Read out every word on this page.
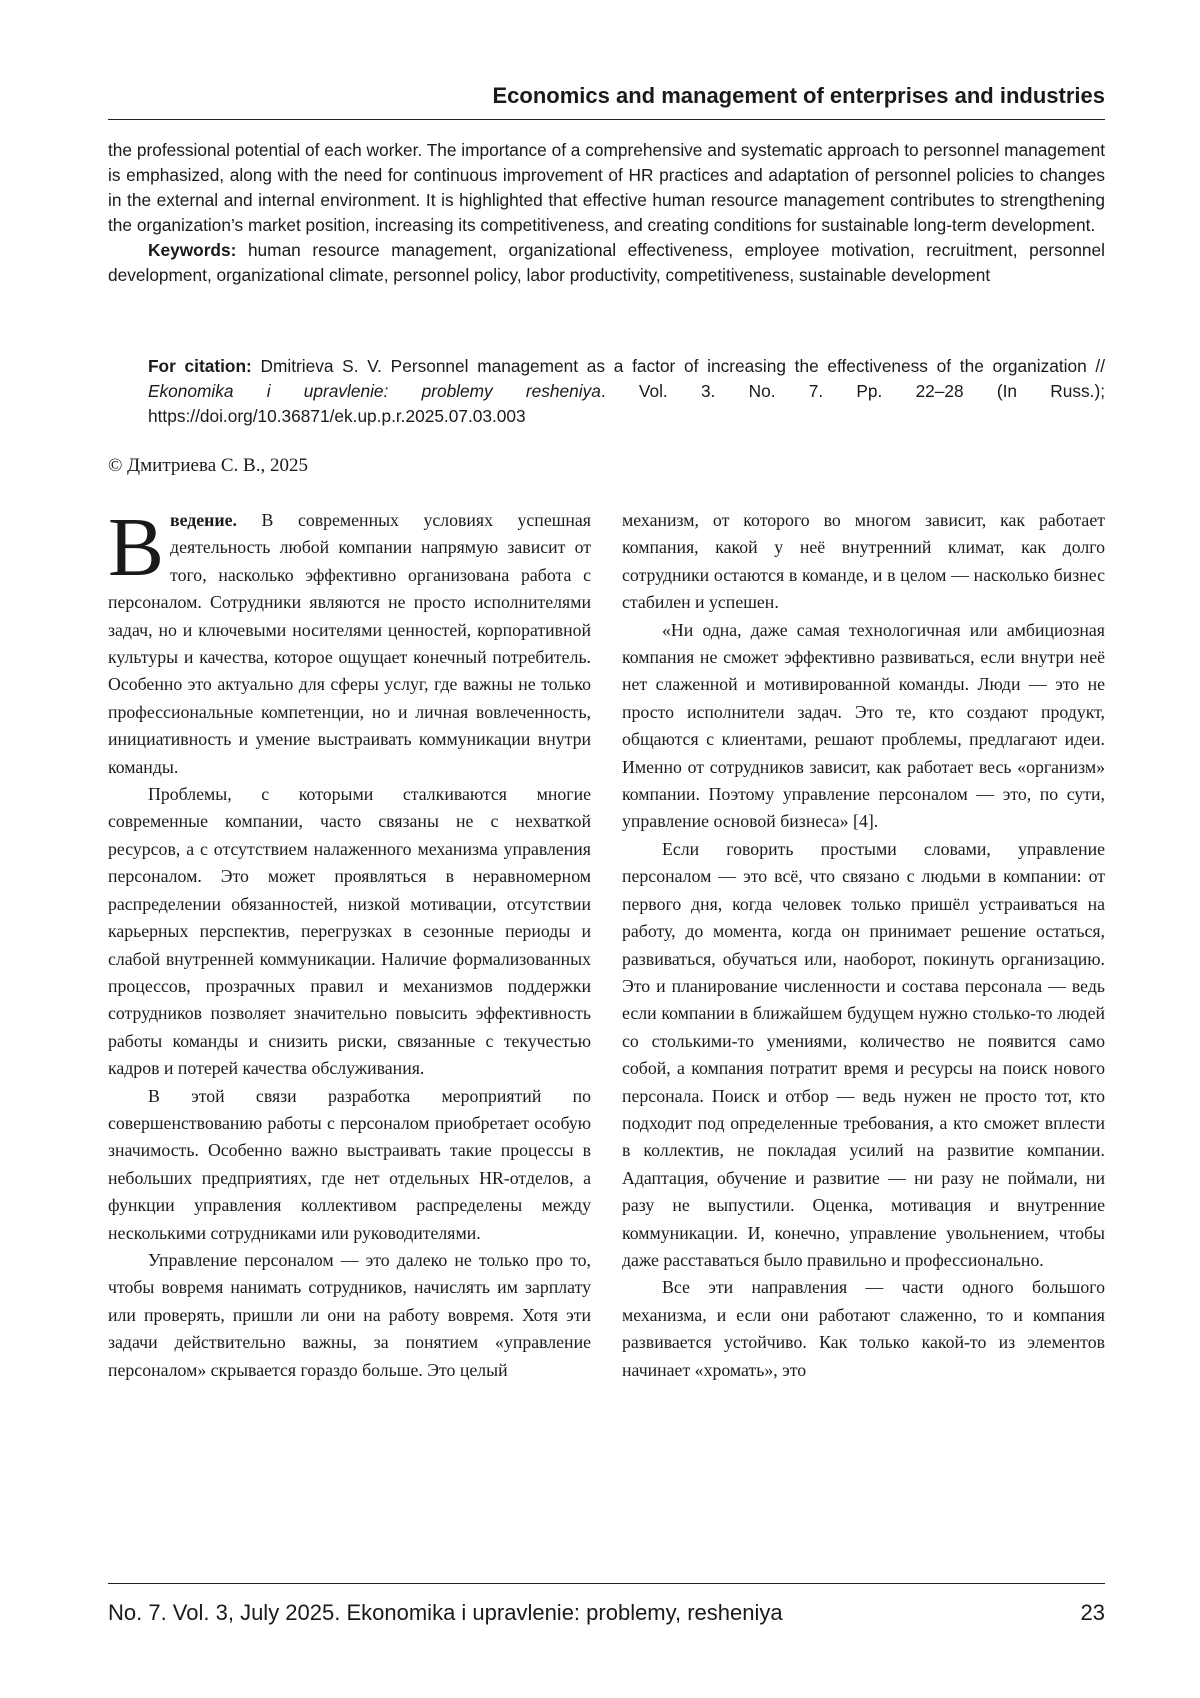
Economics and management of enterprises and industries

the professional potential of each worker. The importance of a comprehensive and systematic approach to personnel management is emphasized, along with the need for continuous improvement of HR practices and adaptation of personnel policies to changes in the external and internal environment. It is highlighted that effective human resource management contributes to strengthening the organization’s market position, increasing its competitiveness, and creating conditions for sustainable long-term development.

Keywords: human resource management, organizational effectiveness, employee motivation, recruitment, personnel development, organizational climate, personnel policy, labor productivity, competitiveness, sustainable development

For citation: Dmitrieva S. V. Personnel management as a factor of increasing the effectiveness of the organization // Ekonomika i upravlenie: problemy resheniya. Vol. 3. No. 7. Pp. 22–28 (In Russ.); https://doi.org/10.36871/ek.up.p.r.2025.07.03.003
© Дмитриева С. В., 2025

Введение. В современных условиях успешная деятельность любой компании напрямую зависит от того, насколько эффективно организована работа с персоналом. Сотрудники являются не просто исполнителями задач, но и ключевыми носителями ценностей, корпоративной культуры и качества, которое ощущает конечный потребитель. Особенно это актуально для сферы услуг, где важны не только профессиональные компетенции, но и личная вовлеченность, инициативность и умение выстраивать коммуникации внутри команды.

Проблемы, с которыми сталкиваются многие современные компании, часто связаны не с нехваткой ресурсов, а с отсутствием налаженного механизма управления персоналом. Это может проявляться в неравномерном распределении обязанностей, низкой мотивации, отсутствии карьерных перспектив, перегрузках в сезонные периоды и слабой внутренней коммуникации. Наличие формализованных процессов, прозрачных правил и механизмов поддержки сотрудников позволяет значительно повысить эффективность работы команды и снизить риски, связанные с текучестью кадров и потерей качества обслуживания.

В этой связи разработка мероприятий по совершенствованию работы с персоналом приобретает особую значимость. Особенно важно выстраивать такие процессы в небольших предприятиях, где нет отдельных HR-отделов, а функции управления коллективом распределены между несколькими сотрудниками или руководителями.

Управление персоналом — это далеко не только про то, чтобы вовремя нанимать сотрудников, начислять им зарплату или проверять, пришли ли они на работу вовремя. Хотя эти задачи действительно важны, за понятием «управление персоналом» скрывается гораздо больше. Это целый

механизм, от которого во многом зависит, как работает компания, какой у неё внутренний климат, как долго сотрудники остаются в команде, и в целом — насколько бизнес стабилен и успешен.

«Ни одна, даже самая технологичная или амбициозная компания не сможет эффективно развиваться, если внутри неё нет слаженной и мотивированной команды. Люди — это не просто исполнители задач. Это те, кто создают продукт, общаются с клиентами, решают проблемы, предлагают идеи. Именно от сотрудников зависит, как работает весь «организм» компании. Поэтому управление персоналом — это, по сути, управление основой бизнеса» [4].

Если говорить простыми словами, управление персоналом — это всё, что связано с людьми в компании: от первого дня, когда человек только пришёл устраиваться на работу, до момента, когда он принимает решение остаться, развиваться, обучаться или, наоборот, покинуть организацию. Это и планирование численности и состава персонала — ведь если компании в ближайшем будущем нужно столько-то людей со столькими-то умениями, количество не появится само собой, а компания потратит время и ресурсы на поиск нового персонала. Поиск и отбор — ведь нужен не просто тот, кто подходит под определенные требования, а кто сможет вплести в коллектив, не покладая усилий на развитие компании. Адаптация, обучение и развитие — ни разу не поймали, ни разу не выпустили. Оценка, мотивация и внутренние коммуникации. И, конечно, управление увольнением, чтобы даже расставаться было правильно и профессионально.

Все эти направления — части одного большого механизма, и если они работают слаженно, то и компания развивается устойчиво. Как только какой-то из элементов начинает «хромать», это

No. 7. Vol. 3, July 2025. Ekonomika i upravlenie: problemy, resheniya	23
